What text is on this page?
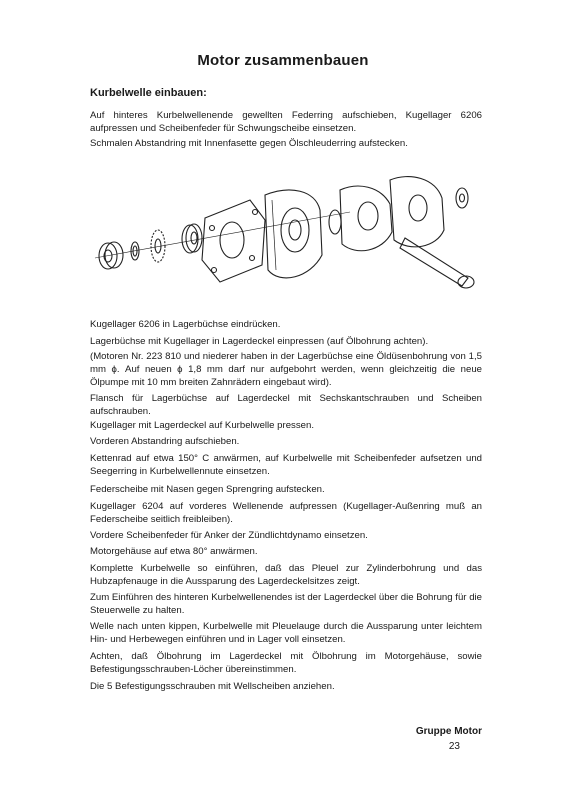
Motor zusammenbauen
Kurbelwelle einbauen:

Auf hinteres Kurbelwellenende gewellten Federring aufschieben, Kugellager 6206 aufpressen und Scheibenfeder für Schwungscheibe einsetzen.

Schmalen Abstandring mit Innenfasette gegen Ölschleuderring aufstecken.

Kugellager 6206 in Lagerbüchse eindrücken.

Lagerbüchse mit Kugellager in Lagerdeckel einpressen (auf Ölbohrung achten).

(Motoren Nr. 223 810 und niederer haben in der Lagerbüchse eine Öldüsenbohrung von 1,5 mm ϕ. Auf neuen ϕ 1,8 mm darf nur aufgebohrt werden, wenn gleichzeitig die neue Ölpumpe mit 10 mm breiten Zahnrädern eingebaut wird).

Flansch für Lagerbüchse auf Lagerdeckel mit Sechskantschrauben und Scheiben aufschrauben.

Kugellager mit Lagerdeckel auf Kurbelwelle pressen.

Vorderen Abstandring aufschieben.

Kettenrad auf etwa 150° C anwärmen, auf Kurbelwelle mit Scheibenfeder aufsetzen und Seegerring in Kurbelwellennute einsetzen.

Federscheibe mit Nasen gegen Sprengring aufstecken.

Kugellager 6204 auf vorderes Wellenende aufpressen (Kugellager-Außenring muß an Federscheibe seitlich freibleiben).

Vordere Scheibenfeder für Anker der Zündlichtdynamo einsetzen.

Motorgehäuse auf etwa 80° anwärmen.

Komplette Kurbelwelle so einführen, daß das Pleuel zur Zylinderbohrung und das Hubzapfenauge in die Aussparung des Lagerdeckelsitzes zeigt.

Zum Einführen des hinteren Kurbelwellenendes ist der Lagerdeckel über die Bohrung für die Steuerwelle zu halten.

Welle nach unten kippen, Kurbelwelle mit Pleuelauge durch die Aussparung unter leichtem Hin- und Herbewegen einführen und in Lager voll einsetzen.

Achten, daß Ölbohrung im Lagerdeckel mit Ölbohrung im Motorgehäuse, sowie Befestigungsschrauben-Löcher übereinstimmen.

Die 5 Befestigungsschrauben mit Wellscheiben anziehen.

Gruppe Motor
23
